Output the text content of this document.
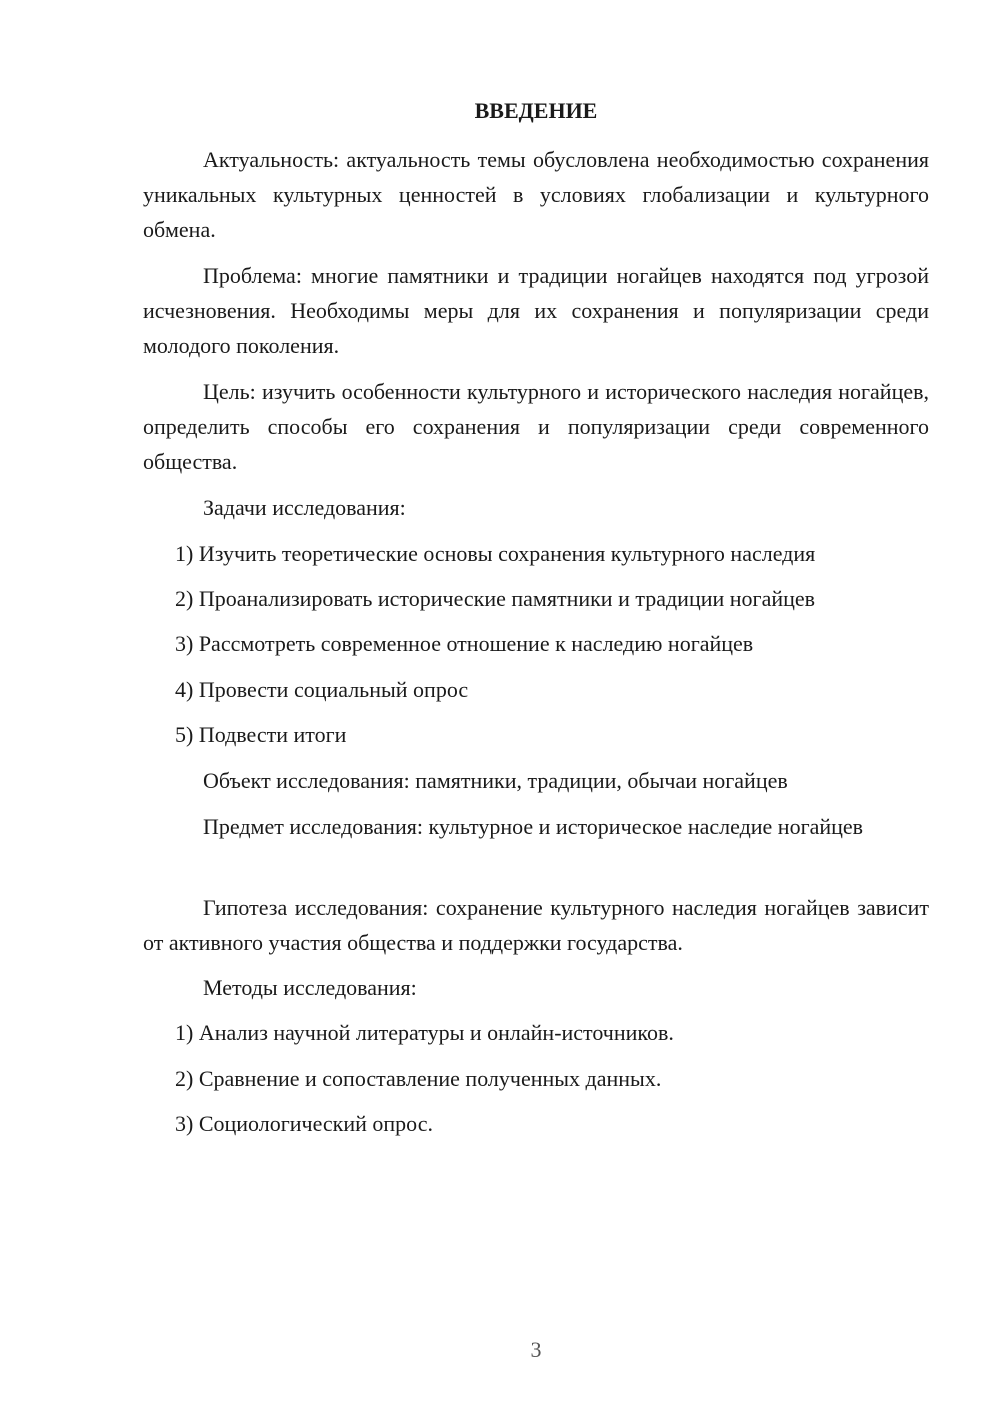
ВВЕДЕНИЕ

Актуальность: актуальность темы обусловлена необходимостью сохранения уникальных культурных ценностей в условиях глобализации и культурного обмена.

Проблема: многие памятники и традиции ногайцев находятся под угрозой исчезновения. Необходимы меры для их сохранения и популяризации среди молодого поколения.

Цель: изучить особенности культурного и исторического наследия ногайцев, определить способы его сохранения и популяризации среди современного общества.

Задачи исследования:

1) Изучить теоретические основы сохранения культурного наследия

2) Проанализировать исторические памятники и традиции ногайцев

3) Рассмотреть современное отношение к наследию ногайцев

4) Провести социальный опрос

5) Подвести итоги

Объект исследования: памятники, традиции, обычаи ногайцев

Предмет исследования: культурное и историческое наследие ногайцев

Гипотеза исследования: сохранение культурного наследия ногайцев зависит от активного участия общества и поддержки государства.

Методы исследования:

1) Анализ научной литературы и онлайн-источников.

2) Сравнение и сопоставление полученных данных.

3) Социологический опрос.

3
